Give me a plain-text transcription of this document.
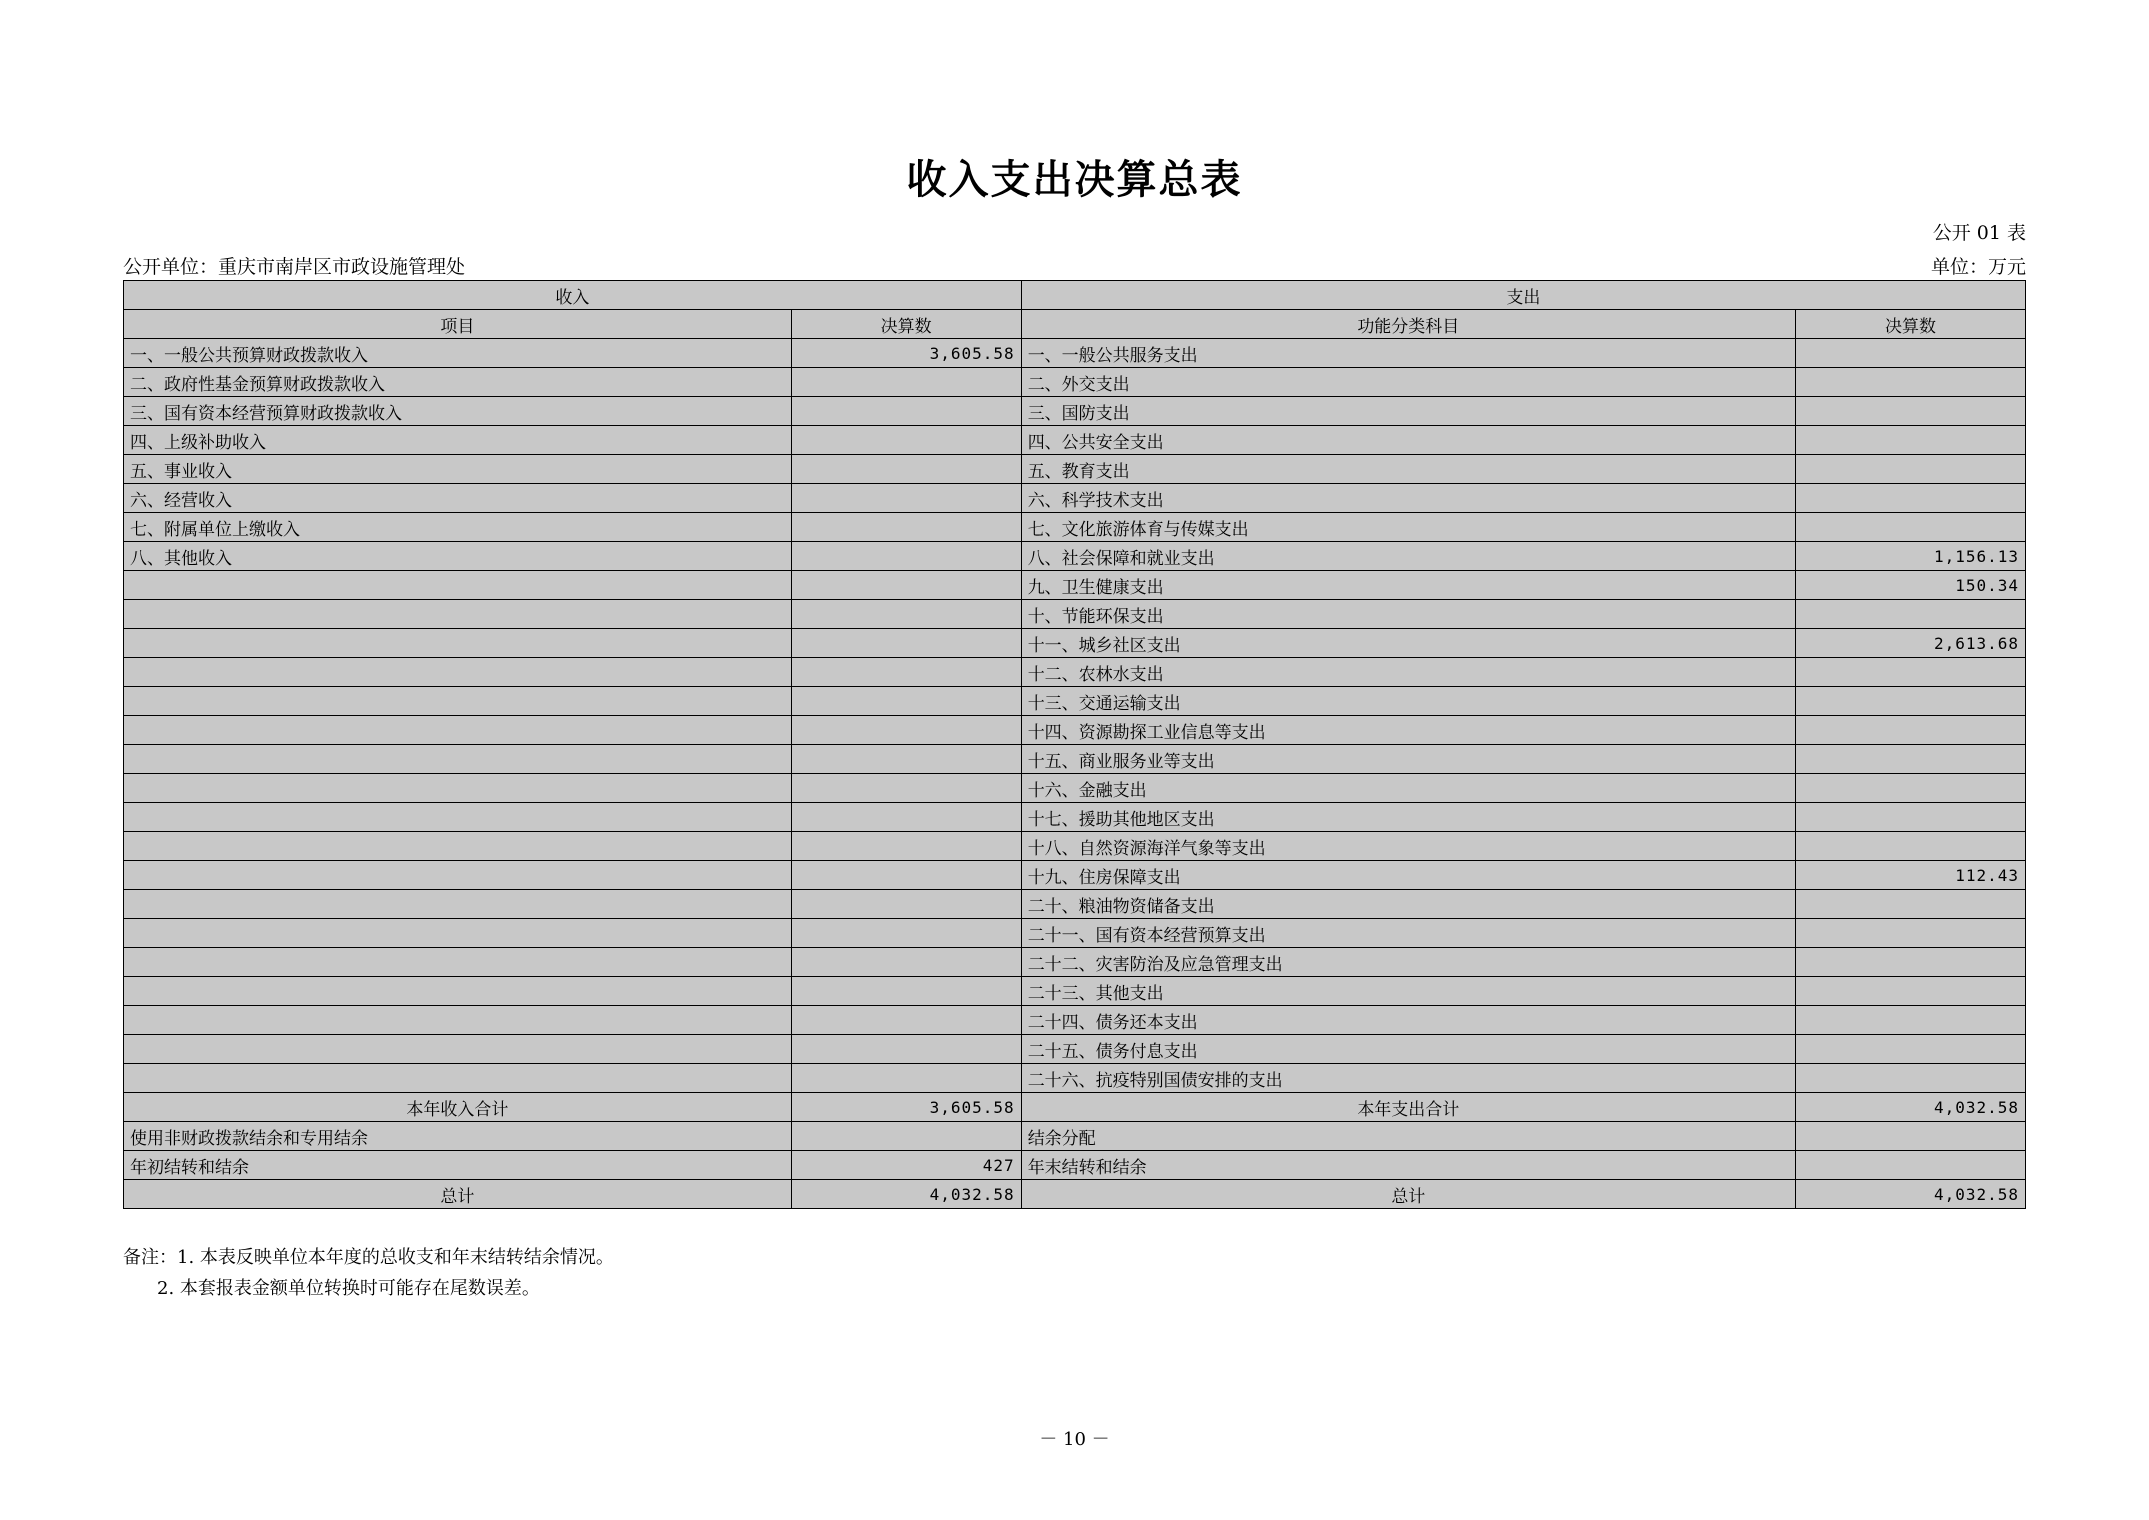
收入支出决算总表
公开 01 表
单位：万元
公开单位：重庆市南岸区市政设施管理处
收入		支出	
项目	决算数	功能分类科目	决算数
一、一般公共预算财政拨款收入	3,605.58	一、一般公共服务支出	
二、政府性基金预算财政拨款收入		二、外交支出	
三、国有资本经营预算财政拨款收入		三、国防支出	
四、上级补助收入		四、公共安全支出	
五、事业收入		五、教育支出	
六、经营收入		六、科学技术支出	
七、附属单位上缴收入		七、文化旅游体育与传媒支出	
八、其他收入		八、社会保障和就业支出	1,156.13
		九、卫生健康支出	150.34
		十、节能环保支出	
		十一、城乡社区支出	2,613.68
		十二、农林水支出	
		十三、交通运输支出	
		十四、资源勘探工业信息等支出	
		十五、商业服务业等支出	
		十六、金融支出	
		十七、援助其他地区支出	
		十八、自然资源海洋气象等支出	
		十九、住房保障支出	112.43
		二十、粮油物资储备支出	
		二十一、国有资本经营预算支出	
		二十二、灾害防治及应急管理支出	
		二十三、其他支出	
		二十四、债务还本支出	
		二十五、债务付息支出	
		二十六、抗疫特别国债安排的支出	
本年收入合计	3,605.58	本年支出合计	4,032.58
使用非财政拨款结余和专用结余		结余分配	
年初结转和结余	427	年末结转和结余	
总计	4,032.58	总计	4,032.58
备注：1. 本表反映单位本年度的总收支和年末结转结余情况。
2. 本套报表金额单位转换时可能存在尾数误差。
－ 10 －
